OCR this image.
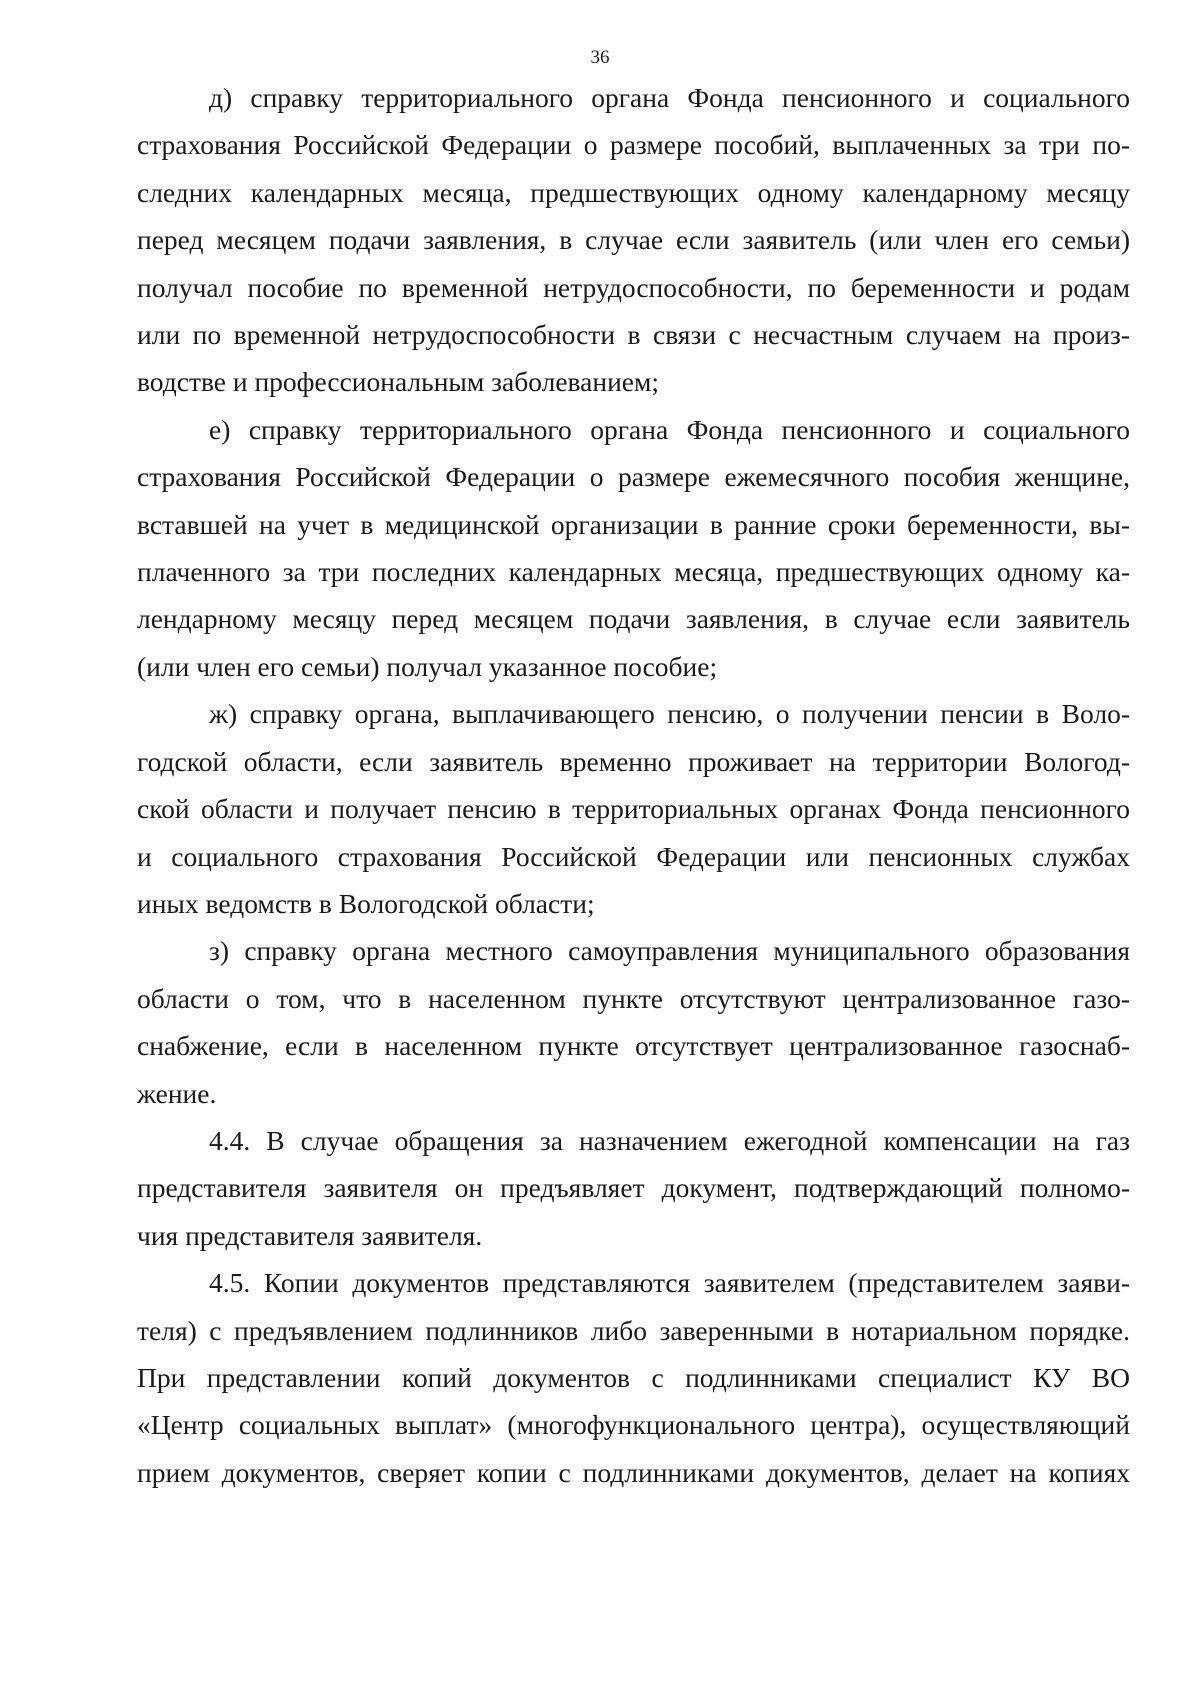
36
д) справку территориального органа Фонда пенсионного и социального
страхования Российской Федерации о размере пособий, выплаченных за три по-
следних календарных месяца, предшествующих одному календарному месяцу
перед месяцем подачи заявления, в случае если заявитель (или член его семьи)
получал пособие по временной нетрудоспособности, по беременности и родам
или по временной нетрудоспособности в связи с несчастным случаем на произ-
водстве и профессиональным заболеванием;
е) справку территориального органа Фонда пенсионного и социального
страхования Российской Федерации о размере ежемесячного пособия женщине,
вставшей на учет в медицинской организации в ранние сроки беременности, вы-
плаченного за три последних календарных месяца, предшествующих одному ка-
лендарному месяцу перед месяцем подачи заявления, в случае если заявитель
(или член его семьи) получал указанное пособие;
ж) справку органа, выплачивающего пенсию, о получении пенсии в Воло-
годской области, если заявитель временно проживает на территории Вологод-
ской области и получает пенсию в территориальных органах Фонда пенсионного
и социального страхования Российской Федерации или пенсионных службах
иных ведомств в Вологодской области;
з) справку органа местного самоуправления муниципального образования
области о том, что в населенном пункте отсутствуют централизованное газо-
снабжение, если в населенном пункте отсутствует централизованное газоснаб-
жение.
4.4. В случае обращения за назначением ежегодной компенсации на газ
представителя заявителя он предъявляет документ, подтверждающий полномо-
чия представителя заявителя.
4.5. Копии документов представляются заявителем (представителем заяви-
теля) с предъявлением подлинников либо заверенными в нотариальном порядке.
При представлении копий документов с подлинниками специалист КУ ВО
«Центр социальных выплат» (многофункционального центра), осуществляющий
прием документов, сверяет копии с подлинниками документов, делает на копиях
